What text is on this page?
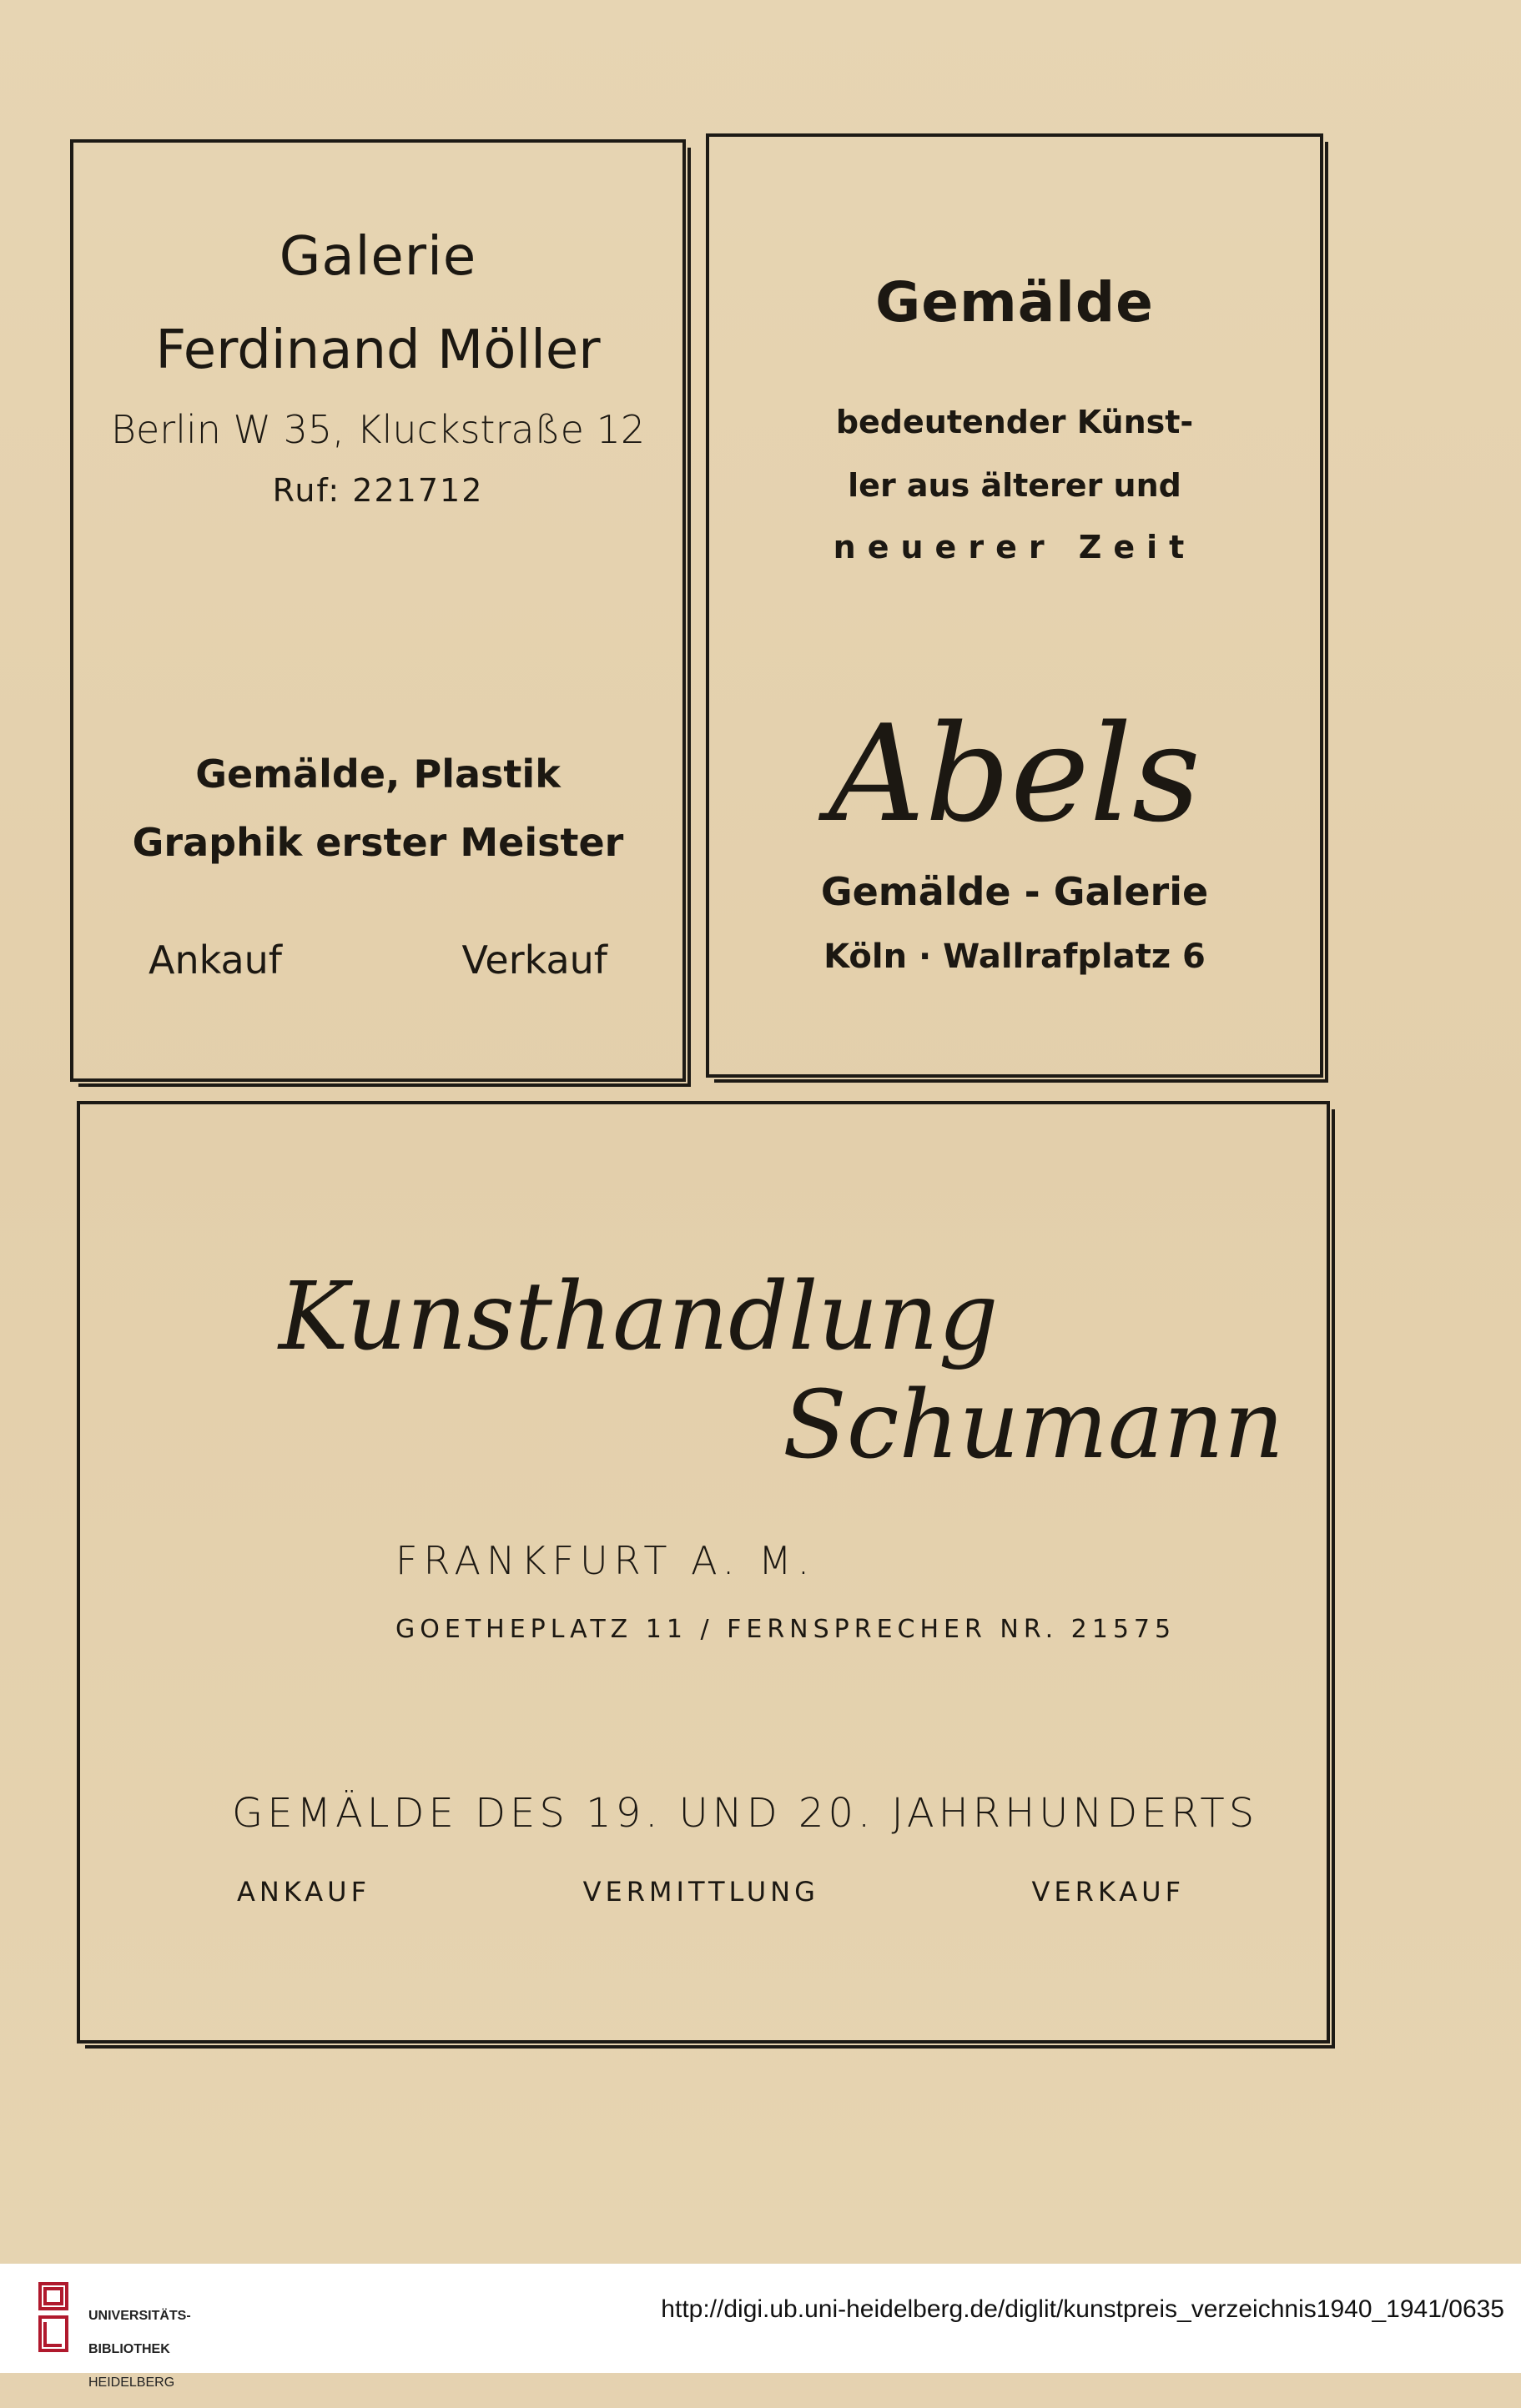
Galerie
Ferdinand Möller
Berlin W 35, Kluckstraße 12
Ruf: 221712
Gemälde, Plastik
Graphik erster Meister
Ankauf	Verkauf
Gemälde
bedeutender Künst-
ler aus älterer und
neuerer Zeit
Abels
Gemälde - Galerie
Köln · Wallrafplatz 6
Kunsthandlung
Schumann
FRANKFURT A. M.
GOETHEPLATZ 11 / FERNSPRECHER NR. 21575
GEMÄLDE DES 19. UND 20. JAHRHUNDERTS
ANKAUF	VERMITTLUNG	VERKAUF

UNIVERSITÄTS-

BIBLIOTHEK

HEIDELBERG

http://digi.ub.uni-heidelberg.de/diglit/kunstpreis_verzeichnis1940_1941/0635
